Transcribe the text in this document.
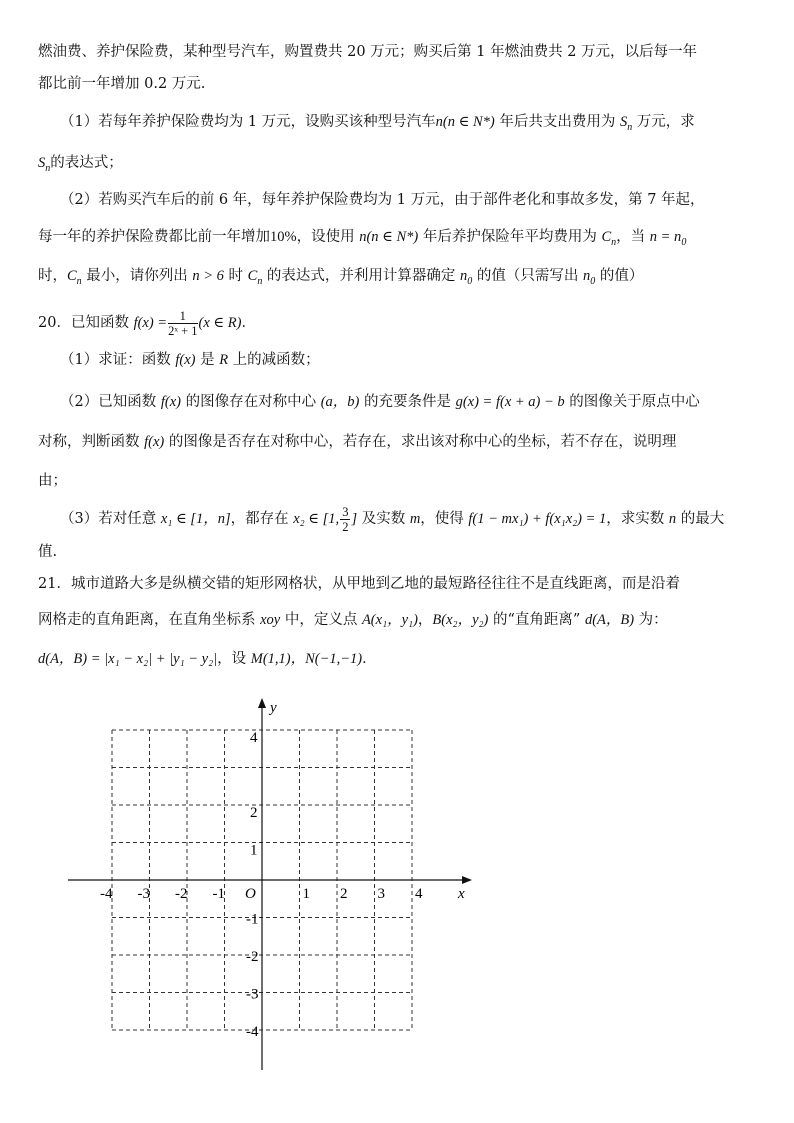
燃油费、养护保险费，某种型号汽车，购置费共 20 万元；购买后第 1 年燃油费共 2 万元，以后每一年
都比前一年增加 0.2 万元.
（1）若每年养护保险费均为 1 万元，设购买该种型号汽车n(n ∈ N*) 年后共支出费用为 $S_n$ 万元，求
$S_n$的表达式；
（2）若购买汽车后的前 6 年，每年养护保险费均为 1 万元，由于部件老化和事故多发，第 7 年起，
每一年的养护保险费都比前一年增加10%，设使用 n(n ∈ N*) 年后养护保险年平均费用为 $C_n$，当 $n = n_0$
时，$C_n$ 最小，请你列出 n > 6 时 $C_n$ 的表达式，并利用计算器确定 $n_0$ 的值（只需写出 $n_0$ 的值）
20．已知函数 $f(x) = \frac{1}{\text{2ˣ + 1}} (x$ ∈ R)．
（1）求证：函数 f(x) 是 R 上的减函数；
（2）已知函数 f(x) 的图像存在对称中心 (a，b) 的充要条件是 g(x) = f(x + a) − b 的图像关于原点中心
对称，判断函数 f(x) 的图像是否存在对称中心，若存在，求出该对称中心的坐标，若不存在，说明理
由；
（3）若对任意 x₁ ∈ [1，n]，都存在 x₂ ∈ [1, $\frac{3}{2}$ ] 及实数 m，使得 f(1 − mx₁) + f(x₁x₂) = 1，求实数 n 的最大
值.
21．城市道路大多是纵横交错的矩形网格状，从甲地到乙地的最短路径往往不是直线距离，而是沿着
网格走的直角距离，在直角坐标系 xoy 中，定义点 A(x₁，y₁)，B(x₂，y₂) 的“直角距离” d(A，B) 为：
d(A，B) = |x₁ − x₂| + |y₁ − y₂|，设 M(1,1)，N(−1,−1)．
x
y
O
-4 -3 -2 -1	1 2 3 4
4
2
1
-1
-2
-3
-4
